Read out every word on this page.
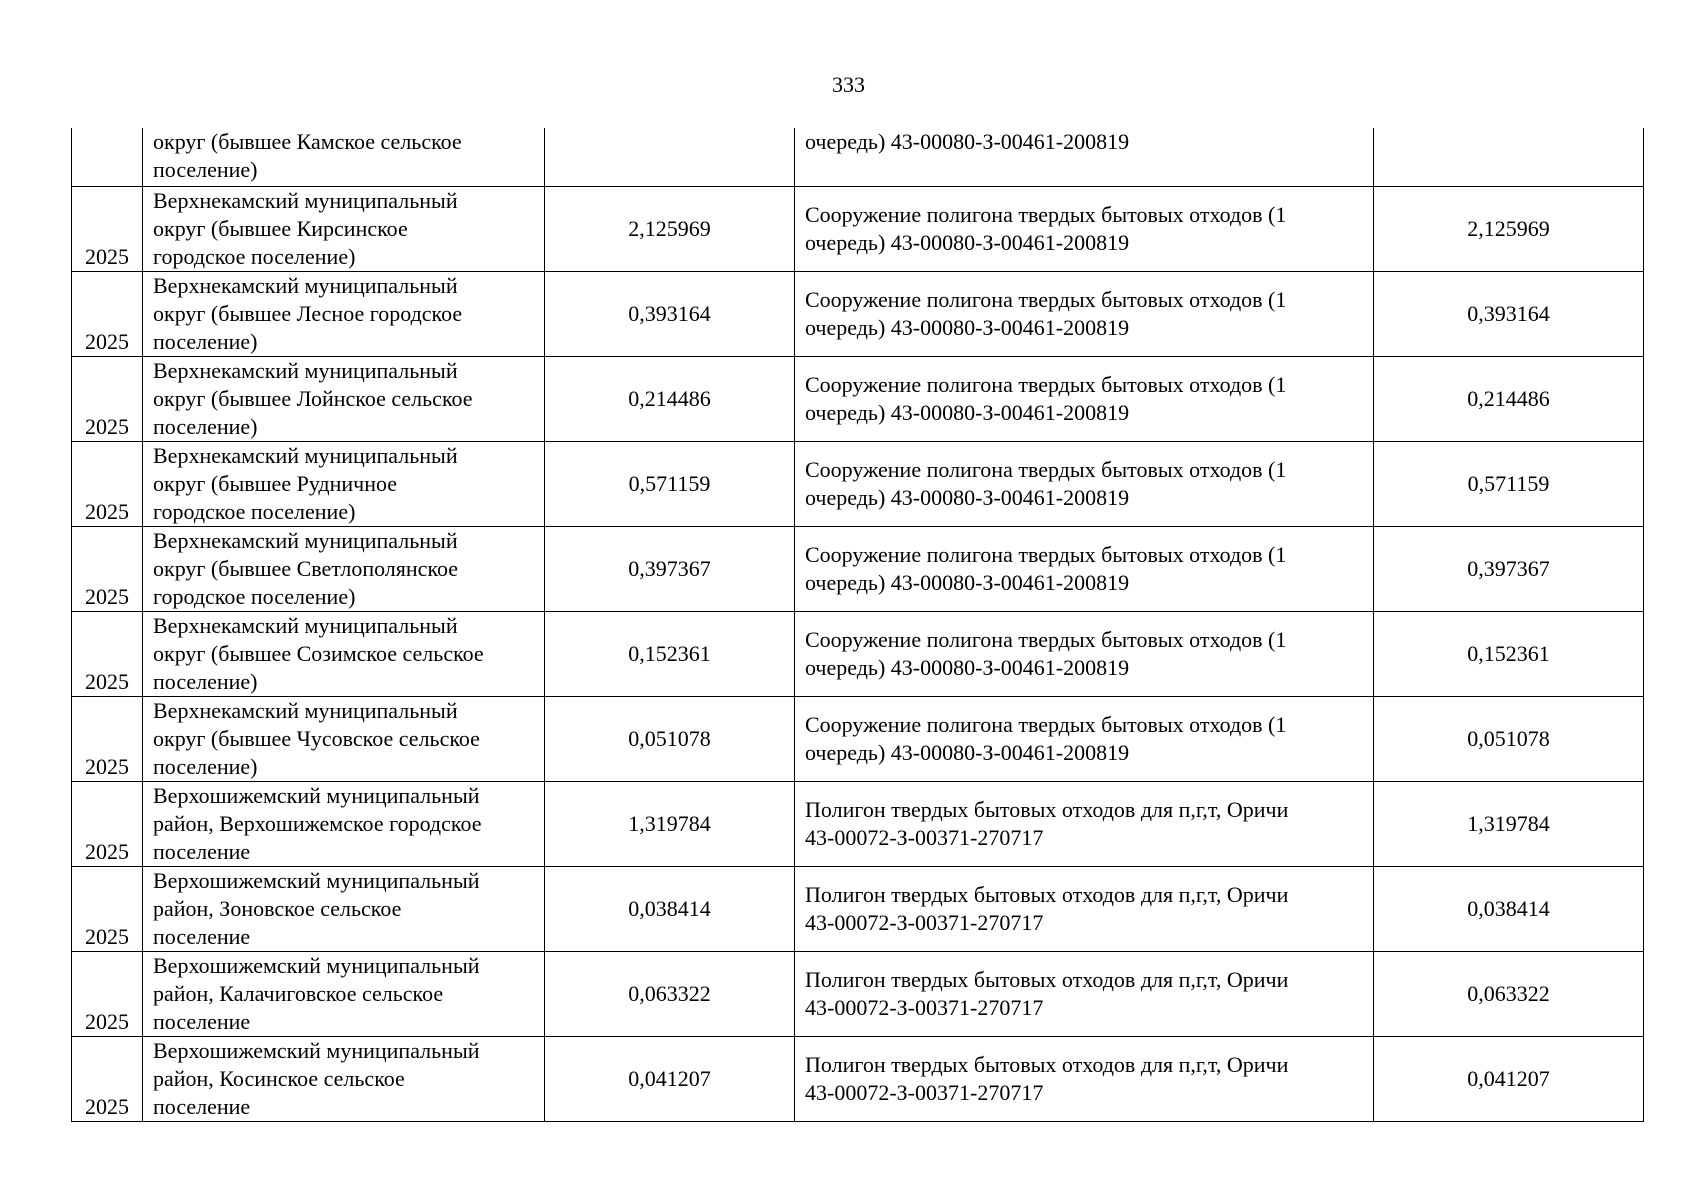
333

	округ (бывшее Камское сельское
поселение)		очередь) 43-00080-З-00461-200819	

2025	Верхнекамский муниципальный
округ (бывшее Кирсинское
городское поселение)	2,125969	Сооружение полигона твердых бытовых отходов (1
очередь) 43-00080-З-00461-200819	2,125969
2025	Верхнекамский муниципальный
округ (бывшее Лесное городское
поселение)	0,393164	Сооружение полигона твердых бытовых отходов (1
очередь) 43-00080-З-00461-200819	0,393164
2025	Верхнекамский муниципальный
округ (бывшее Лойнское сельское
поселение)	0,214486	Сооружение полигона твердых бытовых отходов (1
очередь) 43-00080-З-00461-200819	0,214486
2025	Верхнекамский муниципальный
округ (бывшее Рудничное
городское поселение)	0,571159	Сооружение полигона твердых бытовых отходов (1
очередь) 43-00080-З-00461-200819	0,571159
2025	Верхнекамский муниципальный
округ (бывшее Светлополянское
городское поселение)	0,397367	Сооружение полигона твердых бытовых отходов (1
очередь) 43-00080-З-00461-200819	0,397367
2025	Верхнекамский муниципальный
округ (бывшее Созимское сельское
поселение)	0,152361	Сооружение полигона твердых бытовых отходов (1
очередь) 43-00080-З-00461-200819	0,152361
2025	Верхнекамский муниципальный
округ (бывшее Чусовское сельское
поселение)	0,051078	Сооружение полигона твердых бытовых отходов (1
очередь) 43-00080-З-00461-200819	0,051078
2025	Верхошижемский муниципальный
район, Верхошижемское городское
поселение	1,319784	Полигон твердых бытовых отходов для п,г,т, Оричи
43-00072-З-00371-270717	1,319784
2025	Верхошижемский муниципальный
район, Зоновское сельское
поселение	0,038414	Полигон твердых бытовых отходов для п,г,т, Оричи
43-00072-З-00371-270717	0,038414
2025	Верхошижемский муниципальный
район, Калачиговское сельское
поселение	0,063322	Полигон твердых бытовых отходов для п,г,т, Оричи
43-00072-З-00371-270717	0,063322
2025	Верхошижемский муниципальный
район, Косинское сельское
поселение	0,041207	Полигон твердых бытовых отходов для п,г,т, Оричи
43-00072-З-00371-270717	0,041207
